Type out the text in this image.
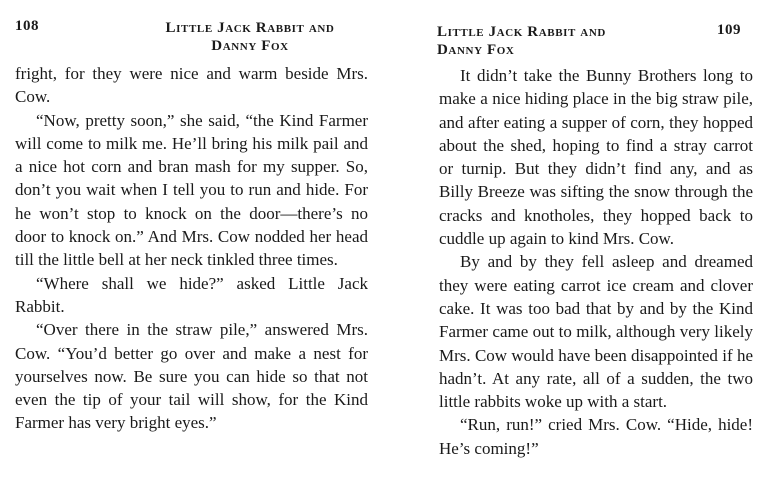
108	Little Jack Rabbit and
Danny Fox

fright, for they were nice and warm beside Mrs. Cow.

“Now, pretty soon,” she said, “the Kind Farmer will come to milk me. He’ll bring his milk pail and a nice hot corn and bran mash for my supper. So, don’t you wait when I tell you to run and hide. For he won’t stop to knock on the door—there’s no door to knock on.” And Mrs. Cow nodded her head till the little bell at her neck tinkled three times.

“Where shall we hide?” asked Little Jack Rabbit.

“Over there in the straw pile,” answered Mrs. Cow. “You’d better go over and make a nest for yourselves now. Be sure you can hide so that not even the tip of your tail will show, for the Kind Farmer has very bright eyes.”

Little Jack Rabbit and
Danny Fox
109

It didn’t take the Bunny Brothers long to make a nice hiding place in the big straw pile, and after eating a supper of corn, they hopped about the shed, hoping to find a stray carrot or turnip. But they didn’t find any, and as Billy Breeze was sifting the snow through the cracks and knotholes, they hopped back to cuddle up again to kind Mrs. Cow.

By and by they fell asleep and dreamed they were eating carrot ice cream and clover cake. It was too bad that by and by the Kind Farmer came out to milk, although very likely Mrs. Cow would have been disappointed if he hadn’t. At any rate, all of a sudden, the two little rabbits woke up with a start.

“Run, run!” cried Mrs. Cow. “Hide, hide! He’s coming!”
